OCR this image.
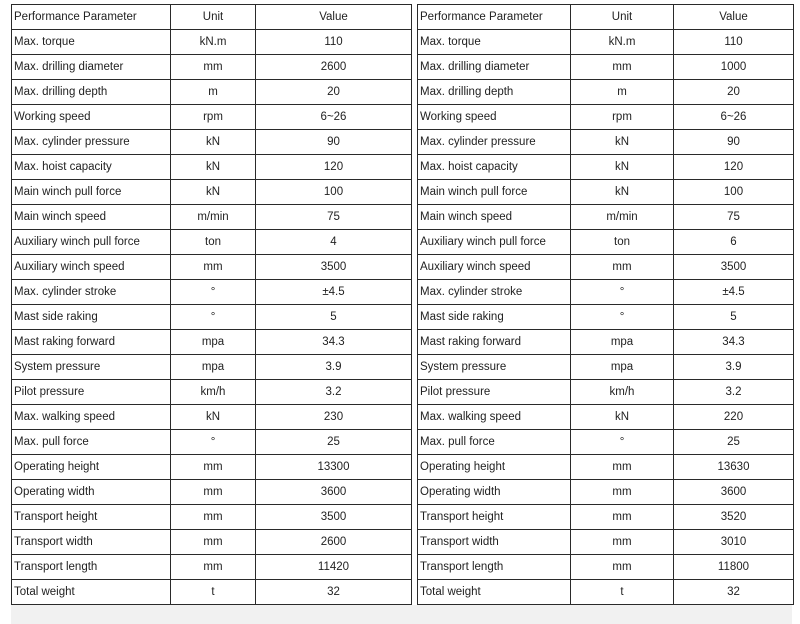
Performance Parameter	Unit	Value
Max. torque	kN.m	110
Max. drilling diameter	mm	2600
Max. drilling depth	m	20
Working speed	rpm	6~26
Max. cylinder pressure	kN	90
Max. hoist capacity	kN	120
Main winch pull force	kN	100
Main winch speed	m/min	75
Auxiliary winch pull force	ton	4
Auxiliary winch speed	mm	3500
Max. cylinder stroke	°	±4.5
Mast side raking	°	5
Mast raking forward	mpa	34.3
System pressure	mpa	3.9
Pilot pressure	km/h	3.2
Max. walking speed	kN	230
Max. pull force	°	25
Operating height	mm	13300
Operating width	mm	3600
Transport height	mm	3500
Transport width	mm	2600
Transport length	mm	11420
Total weight	t	32
Performance Parameter	Unit	Value
Max. torque	kN.m	110
Max. drilling diameter	mm	1000
Max. drilling depth	m	20
Working speed	rpm	6~26
Max. cylinder pressure	kN	90
Max. hoist capacity	kN	120
Main winch pull force	kN	100
Main winch speed	m/min	75
Auxiliary winch pull force	ton	6
Auxiliary winch speed	mm	3500
Max. cylinder stroke	°	±4.5
Mast side raking	°	5
Mast raking forward	mpa	34.3
System pressure	mpa	3.9
Pilot pressure	km/h	3.2
Max. walking speed	kN	220
Max. pull force	°	25
Operating height	mm	13630
Operating width	mm	3600
Transport height	mm	3520
Transport width	mm	3010
Transport length	mm	11800
Total weight	t	32
